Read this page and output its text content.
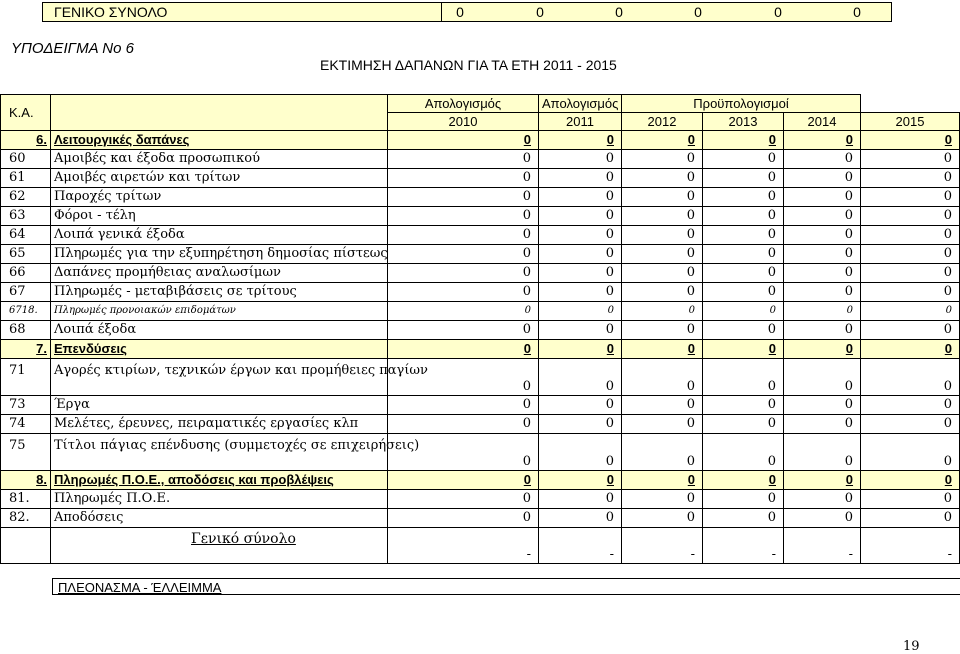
ΓΕΝΙΚΟ ΣΥΝΟΛΟ	0	0	0	0	0	0
ΥΠΟΔΕΙΓΜΑ Νο 6
ΕΚΤΙΜΗΣΗ ΔΑΠΑΝΩΝ ΓΙΑ ΤΑ ΕΤΗ 2011 - 2015
Κ.Α.		Απολογισμός	Απολογισμός	Προϋπολογισμοί			
		2010	2011	2012	2013	2014	2015
6.	Λειτουργικές δαπάνες	0	0	0	0	0	0
60	Αμοιβές και έξοδα προσωπικού	0	0	0	0	0	0
61	Αμοιβές αιρετών και τρίτων	0	0	0	0	0	0
62	Παροχές τρίτων	0	0	0	0	0	0
63	Φόροι - τέλη	0	0	0	0	0	0
64	Λοιπά γενικά έξοδα	0	0	0	0	0	0
65	Πληρωμές για την εξυπηρέτηση δημοσίας πίστεως	0	0	0	0	0	0
66	Δαπάνες προμήθειας αναλωσίμων	0	0	0	0	0	0
67	Πληρωμές - μεταβιβάσεις σε τρίτους	0	0	0	0	0	0
6718.	Πληρωμές προνοιακών επιδομάτων	0	0	0	0	0	0
68	Λοιπά έξοδα	0	0	0	0	0	0
7.	Επενδύσεις	0	0	0	0	0	0
71	Αγορές κτιρίων, τεχνικών έργων και προμήθειες παγίων	0	0	0	0	0	0
73	Έργα	0	0	0	0	0	0
74	Μελέτες, έρευνες, πειραματικές εργασίες κλπ	0	0	0	0	0	0
75	Τίτλοι πάγιας επένδυσης (συμμετοχές σε επιχειρήσεις)	0	0	0	0	0	0
8.	Πληρωμές Π.Ο.Ε., αποδόσεις και προβλέψεις	0	0	0	0	0	0
81.	Πληρωμές Π.Ο.Ε.	0	0	0	0	0	0
82.	Αποδόσεις	0	0	0	0	0	0
	Γενικό σύνολο	-	-	-	-	-	-
ΠΛΕΟΝΑΣΜΑ - ΈΛΛΕΙΜΜΑ
19
